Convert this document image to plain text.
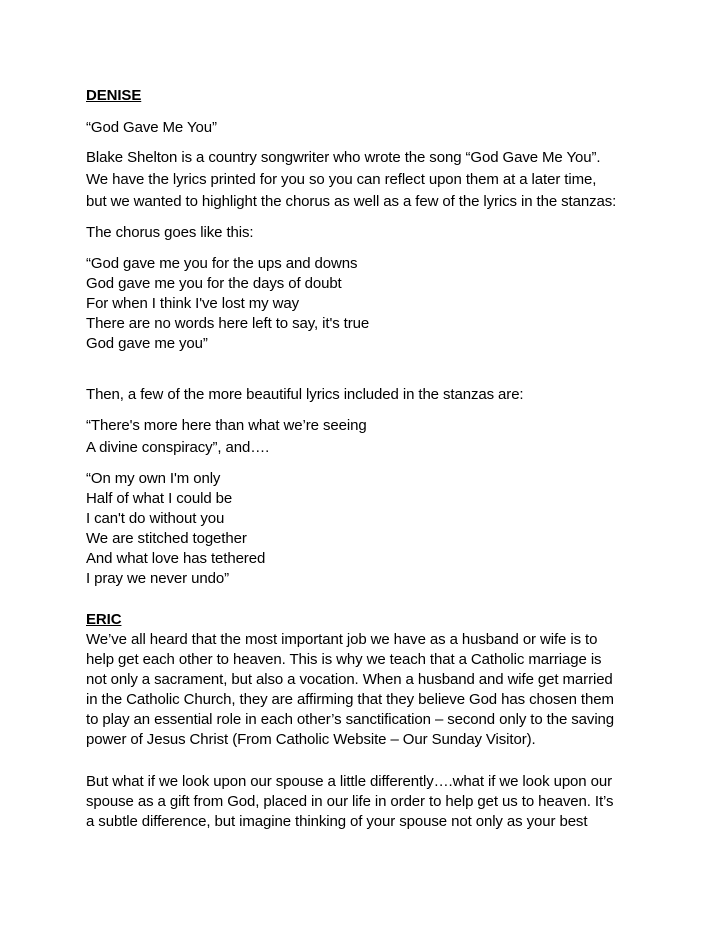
DENISE
“God Gave Me You”
Blake Shelton is a country songwriter who wrote the song “God Gave Me You”.
We have the lyrics printed for you so you can reflect upon them at a later time,
but we wanted to highlight the chorus as well as a few of the lyrics in the stanzas:
The chorus goes like this:
“God gave me you for the ups and downs
God gave me you for the days of doubt
For when I think I've lost my way
There are no words here left to say, it's true
God gave me you”
Then, a few of the more beautiful lyrics included in the stanzas are:
“There's more here than what we’re seeing
A divine conspiracy”, and….
“On my own I'm only
Half of what I could be
I can't do without you
We are stitched together
And what love has tethered
I pray we never undo”
ERIC
We’ve all heard that the most important job we have as a husband or wife is to
help get each other to heaven. This is why we teach that a Catholic marriage is
not only a sacrament, but also a vocation. When a husband and wife get married
in the Catholic Church, they are affirming that they believe God has chosen them
to play an essential role in each other’s sanctification – second only to the saving
power of Jesus Christ (From Catholic Website – Our Sunday Visitor).
But what if we look upon our spouse a little differently….what if we look upon our
spouse as a gift from God, placed in our life in order to help get us to heaven. It’s
a subtle difference, but imagine thinking of your spouse not only as your best
